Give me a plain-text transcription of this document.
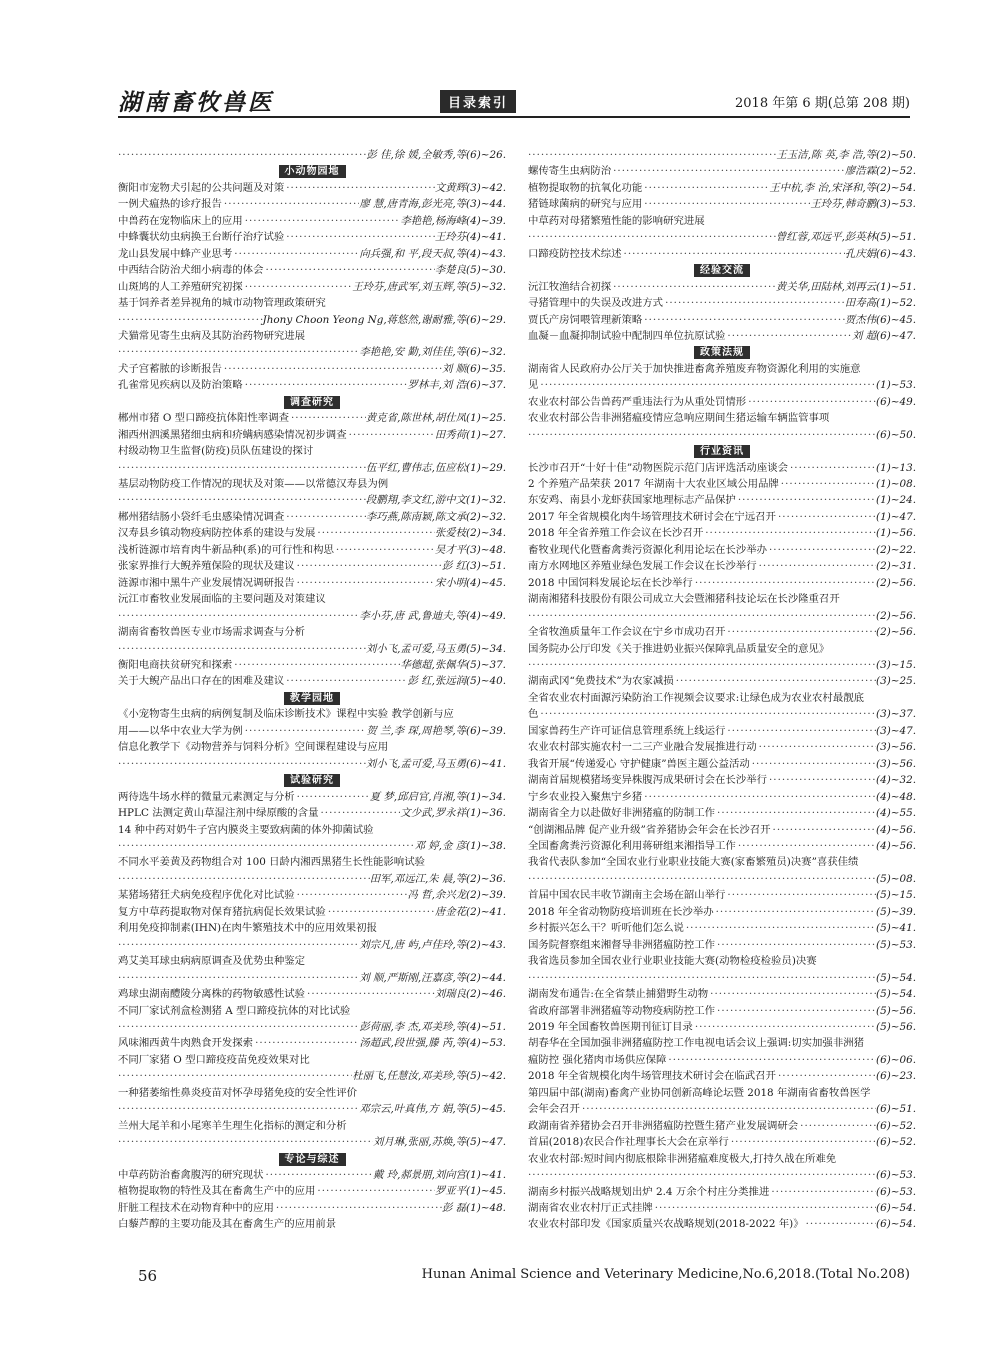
湖南畜牧兽医	目录索引	2018 年第 6 期(总第 208 期)
·····
彭 佳,徐 媛,全敏秀,等(6)~26.
小动物园地
衡阳市宠物犬引起的公共问题及对策 ·····	文黄辉(3)~42.
一例犬瘟热的诊疗报告 ·····	廖 慧,唐青海,彭光亮,等(3)~44.
中兽药在宠物临床上的应用 ·····	李艳艳,杨海峰(4)~39.
中蜂囊状幼虫病换王台断仔治疗试验 ·····	王玲芬(4)~41.
龙山县发展中蜂产业思考 ·····	向兵强,和 平,段天叔,等(4)~43.
中西结合防治犬细小病毒的体会 ·····	李楚良(5)~30.
山斑鸠的人工养殖研究初探 ·····	王玲芬,唐武军,刘玉辉,等(5)~32.
基于饲养者差异视角的城市动物管理政策研究
·····
Jhony Choon Yeong Ng,蒋悠然,谢耐雅,等(6)~29.
犬猫常见寄生虫病及其防治药物研究进展
·····
李艳艳,安 勤,刘佳佳,等(6)~32.
犬子宫蓄脓的诊断报告 ·····	刘 顺(6)~35.
孔雀常见疾病以及防治策略 ·····	罗林丰,刘 浩(6)~37.
调查研究
郴州市猪 O 型口蹄疫抗体阳性率调查 ·····	黄克省,陈世林,胡仕凤(1)~25.
湘西州泗溪黑猪细虫病和疥螨病感染情况初步调查 ·····	田秀荷(1)~27.
村级动物卫生监督(防疫)员队伍建设的探讨
·····
伍平红,曹伟志,伍应松(1)~29.
基层动物防疫工作情况的现状及对策——以常德汉寿县为例
·····
段鹏翔,李文红,游中文(1)~32.
郴州猪结肠小袋纤毛虫感染情况调查 ·····	李巧燕,陈南颖,陈文承(2)~32.
汉寿县乡镇动物疫病防控体系的建设与发展 ·····	张爱枝(2)~34.
浅析涟源市培育肉牛新品种(系)的可行性和构思 ·····	吴才平(3)~48.
张家界推行大鲵养殖保险的现状及建议 ·····	彭 红(3)~51.
涟源市湘中黑牛产业发展情况调研报告 ·····	宋小明(4)~45.
沅江市畜牧业发展面临的主要问题及对策建议
·····
李小芬,唐 武,鲁迪夫,等(4)~49.
湖南省畜牧兽医专业市场需求调查与分析
·····
刘小飞,孟可爱,马玉勇(5)~34.
衡阳电商扶贫研究和探索 ·····	华德超,张佩华(5)~37.
关于大鲵产品出口存在的困难及建议 ·····	彭 红,张远润(5)~40.
教学园地
《小宠物寄生虫病的病例复制及临床诊断技术》课程中实验 教学创新与应
用——以华中农业大学为例 ·····	贺 兰,李 琛,周艳琴,等(6)~39.
信息化教学下《动物营养与饲料分析》空间课程建设与应用
·····
刘小飞,孟可爱,马玉勇(6)~41.
试验研究
两待选牛场水样的微量元素测定与分析 ·····	夏 梦,邱启官,肖湘,等(1)~34.
HPLC 法测定黄山草湿注剂中绿原酸的含量 ·····	文少武,罗永祥(1)~36.
14 种中药对奶牛子宫内膜炎主要致病菌的体外抑菌试验
·····
邓 婷,金 彦(1)~38.
不同水平姜黄及药物组合对 100 日龄内湘西黑猪生长性能影响试验
·····
田军,邓远江,朱 晨,等(2)~36.
某猪场猪狂犬病免疫程序优化对比试验 ·····	冯 哲,余兴龙(2)~39.
复方中草药提取物对保育猪抗病促长效果试验 ·····	唐金花(2)~41.
利用免疫抑制素(IHN)在肉牛繁殖技术中的应用效果初报
·····
刘宗凡,唐 屿,卢佳玲,等(2)~43.
鸡艾美耳球虫病病原调查及优势虫种鉴定
·····
刘 顺,严斯刚,汪嘉彦,等(2)~44.
鸡球虫湖南醴陵分离株的药物敏感性试验 ·····	刘瑞良(2)~46.
不同厂家试剂盒检测猪 A 型口蹄疫抗体的对比试验
·····
彭荷丽,李 杰,邓美珍,等(4)~51.
风味湘西黄牛肉熟食开发探索 ·····	汤超武,段世强,滕 芮,等(4)~53.
不同厂家猪 O 型口蹄疫疫苗免疫效果对比
·····
杜丽飞,任慧汝,邓美珍,等(5)~42.
一种猪萎缩性鼻炎疫苗对怀孕母猪免疫的安全性评价
·····
邓宗云,叶真伟,方 娟,等(5)~45.
兰州大尾羊和小尾寒羊生理生化指标的测定和分析
·····
刘月琳,张丽,苏焕,等(5)~47.
专论与综述
中草药防治畜禽腹泻的研究现状 ·····	戴 玲,郝景朋,刘向宫(1)~41.
植物提取物的特性及其在畜禽生产中的应用 ·····	罗亚平(1)~45.
肝脏工程技术在动物育种中的应用 ·····	彭 磊(1)~48.
白藜芦醇的主要功能及其在畜禽生产的应用前景
·····
王玉洁,陈 英,李 浩,等(2)~50.
螺传寄生虫病防治 ·····	廖浩霖(2)~52.
植物提取物的抗氧化功能 ·····	王中杭,李 治,宋泽和,等(2)~54.
猪链球菌病的研究与应用 ·····	王玲芬,韩奇鹏(3)~53.
中草药对母猪繁殖性能的影响研究进展
·····
曾红蓉,邓远平,彭英林(5)~51.
口蹄疫防控技术综述 ·····	孔庆娟(6)~43.
经验交流
沅江牧渔结合初探 ·····	黄关华,田陆林,刘再云(1)~51.
寻猪管理中的失误及改进方式 ·····	田寿高(1)~52.
贾氏产房饲喂管理新策略 ·····	贾杰伟(6)~45.
血凝－血凝抑制试验中配制四单位抗原试验 ·····	刘 超(6)~47.
政策法规
湖南省人民政府办公厅关于加快推进畜禽养殖废弃物资源化利用的实施意
见 ·····	(1)~53.
农业农村部公告兽药严重违法行为从重处罚情形 ·····	(6)~49.
农业农村部公告非洲猪瘟疫情应急响应期间生猪运输车辆监管事项
·····
(6)~50.
行业资讯
长沙市召开“十好十佳”动物医院示范门店评选活动座谈会 ·····	(1)~13.
2 个养殖产品荣获 2017 年湖南十大农业区域公用品牌 ·····	(1)~08.
东安鸡、南县小龙虾获国家地理标志产品保护 ·····	(1)~24.
2017 年全省规模化肉牛场管理技术研讨会在宁远召开 ·····	(1)~47.
2018 年全省养殖工作会议在长沙召开 ·····	(1)~56.
畜牧业现代化暨畜禽粪污资源化利用论坛在长沙举办 ·····	(2)~22.
南方水网地区养殖业绿色发展工作会议在长沙举行 ·····	(2)~31.
2018 中国饲料发展论坛在长沙举行 ·····	(2)~56.
湖南湘猪科技股份有限公司成立大会暨湘猪科技论坛在长沙隆重召开
·····
(2)~56.
全省牧渔质量年工作会议在宁乡市成功召开 ·····	(2)~56.
国务院办公厅印发《关于推进奶业振兴保障乳品质量安全的意见》
·····
(3)~15.
湖南武冈“免费技术”为农家减损 ·····	(3)~25.
全省农业农村面源污染防治工作视频会议要求:让绿色成为农业农村最靓底
色 ·····	(3)~37.
国家兽药生产许可证信息管理系统上线运行 ·····	(3)~47.
农业农村部实施农村一二三产业融合发展推进行动 ·····	(3)~56.
我省开展“传递爱心 守护健康”兽医主题公益活动 ·····	(3)~56.
湖南首届规模猪场变异株腹泻成果研讨会在长沙举行 ·····	(4)~32.
宁乡农业投入聚焦宁乡猪 ·····	(4)~48.
湖南省全力以赴做好非洲猪瘟的防制工作 ·····	(4)~55.
“创湖湘品牌 促产业升级”省养猪协会年会在长沙召开 ·····	(4)~56.
全国畜禽粪污资源化利用蒋研组来湘指导工作 ·····	(4)~56.
我省代表队参加“全国农业行业职业技能大赛(家畜繁殖员)决赛”喜获佳绩
·····
(5)~08.
首届中国农民丰收节湖南主会场在韶山举行 ·····	(5)~15.
2018 年全省动物防疫培训班在长沙举办 ·····	(5)~39.
乡村振兴怎么干？听听他们怎么说 ·····	(5)~41.
国务院督察组来湘督导非洲猪瘟防控工作 ·····	(5)~53.
我省选员参加全国农业行业职业技能大赛(动物检疫检验员)决赛
·····
(5)~54.
湖南发布通告:在全省禁止捕猎野生动物 ·····	(5)~54.
省政府部署非洲猪瘟等动物疫病防控工作 ·····	(5)~56.
2019 年全国畜牧兽医期刊征订目录 ·····	(5)~56.
胡春华在全国加强非洲猪瘟防控工作电视电话会议上强调:切实加强非洲猪
瘟防控 强化猪肉市场供应保障 ·····	(6)~06.
2018 年全省规模化肉牛场管理技术研讨会在临武召开 ·····	(6)~23.
第四届中部(湖南)畜禽产业协同创新高峰论坛暨 2018 年湖南省畜牧兽医学
会年会召开 ·····	(6)~51.
政湖南省养猪协会召开非洲猪瘟防控暨生猪产业发展调研会 ·····	(6)~52.
首届(2018)农民合作社理事长大会在京举行 ·····	(6)~52.
农业农村部:短时间内彻底根除非洲猪瘟难度极大,打持久战在所难免
·····
(6)~53.
湖南乡村振兴战略规划出炉 2.4 万余个村庄分类推进 ·····	(6)~53.
湖南省农业农村厅正式挂牌 ·····	(6)~54.
农业农村部印发《国家质量兴农战略规划(2018-2022 年)》 ·····	(6)~54.
56	Hunan Animal Science and Veterinary Medicine,No.6,2018.(Total No.208)
